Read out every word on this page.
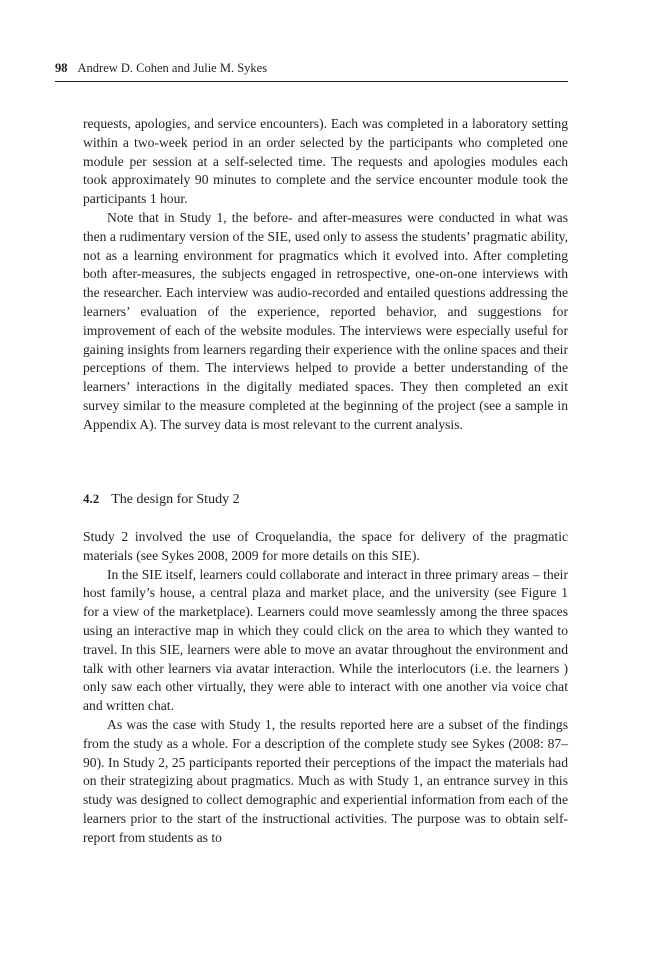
98 Andrew D. Cohen and Julie M. Sykes

requests, apologies, and service encounters). Each was completed in a laboratory setting within a two-week period in an order selected by the participants who completed one module per session at a self-selected time. The requests and apologies modules each took approximately 90 minutes to complete and the service encounter module took the participants 1 hour.

Note that in Study 1, the before- and after-measures were conducted in what was then a rudimentary version of the SIE, used only to assess the students’ pragmatic ability, not as a learning environment for pragmatics which it evolved into. After completing both after-measures, the subjects engaged in retrospective, one-on-one interviews with the researcher. Each interview was audio-recorded and entailed questions addressing the learners’ evaluation of the experience, reported behavior, and suggestions for improvement of each of the website modules. The interviews were especially useful for gaining insights from learners regarding their experience with the online spaces and their perceptions of them. The interviews helped to provide a better understanding of the learners’ interactions in the digitally mediated spaces. They then completed an exit survey similar to the measure completed at the beginning of the project (see a sample in Appendix A). The survey data is most relevant to the current analysis.

4.2 The design for Study 2

Study 2 involved the use of Croquelandia, the space for delivery of the pragmatic materials (see Sykes 2008, 2009 for more details on this SIE).

In the SIE itself, learners could collaborate and interact in three primary areas – their host family’s house, a central plaza and market place, and the university (see Figure 1 for a view of the marketplace). Learners could move seamlessly among the three spaces using an interactive map in which they could click on the area to which they wanted to travel. In this SIE, learners were able to move an avatar throughout the environment and talk with other learners via avatar interaction. While the interlocutors (i.e. the learners ) only saw each other virtually, they were able to interact with one another via voice chat and written chat.

As was the case with Study 1, the results reported here are a subset of the findings from the study as a whole. For a description of the complete study see Sykes (2008: 87–90). In Study 2, 25 participants reported their perceptions of the impact the materials had on their strategizing about pragmatics. Much as with Study 1, an entrance survey in this study was designed to collect demographic and experiential information from each of the learners prior to the start of the instructional activities. The purpose was to obtain self-report from students as to
